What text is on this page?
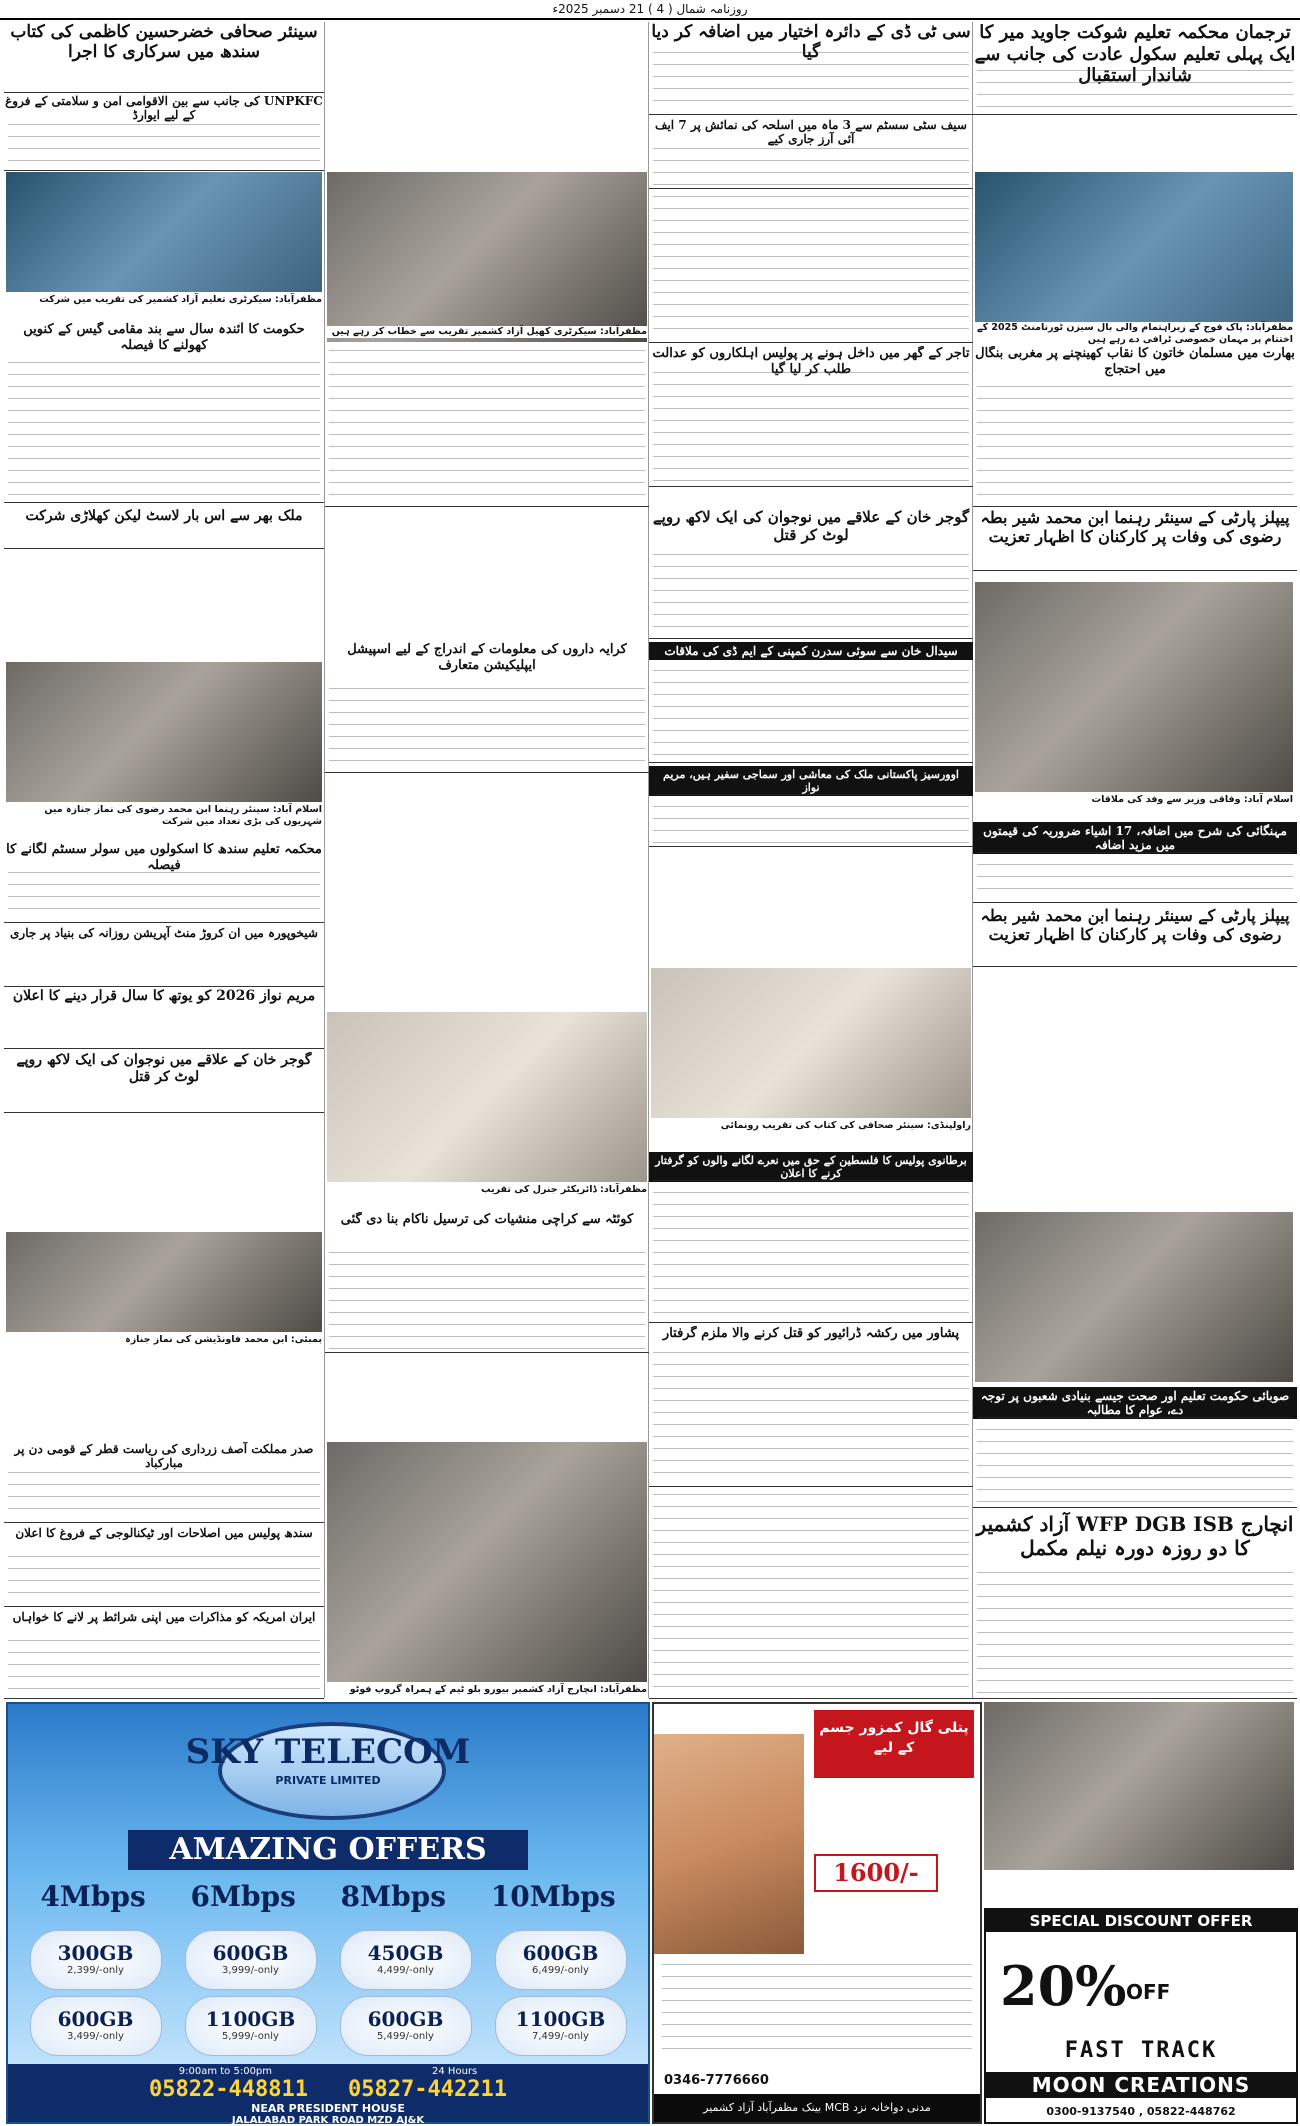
روزنامہ شمال ( 4 ) 21 دسمبر 2025ء
ترجمان محکمہ تعلیم شوکت جاوید میر کا ایک پہلی تعلیم سکول عادت کی جانب سے شاندار استقبال
مظفرآباد: پاک فوج کے زیراہتمام والی بال سیزن ٹورنامنٹ 2025 کے اختتام پر مہمان خصوصی ٹرافی دے رہے ہیں
بھارت میں مسلمان خاتون کا نقاب کھینچنے پر مغربی بنگال میں احتجاج
پیپلز پارٹی کے سینئر رہنما ابن محمد شیر بطہ رضوی کی وفات پر کارکنان کا اظہار تعزیت
اسلام آباد: وفاقی وزیر سے وفد کی ملاقات
مہنگائی کی شرح میں اضافہ، 17 اشیاء ضروریہ کی قیمتوں میں مزید اضافہ
پیپلز پارٹی کے سینئر رہنما ابن محمد شیر بطہ رضوی کی وفات پر کارکنان کا اظہار تعزیت
صوبائی حکومت تعلیم اور صحت جیسے بنیادی شعبوں پر توجہ دے، عوام کا مطالبہ
انچارج WFP DGB ISB آزاد کشمیر کا دو روزہ دورہ نیلم مکمل
سی ٹی ڈی کے دائرہ اختیار میں اضافہ کر دیا گیا
سیف سٹی سسٹم سے 3 ماہ میں اسلحہ کی نمائش پر 7 ایف آئی آرز جاری کیے
تاجر کے گھر میں داخل ہونے پر پولیس اہلکاروں کو عدالت طلب کر لیا گیا
گوجر خان کے علاقے میں نوجوان کی ایک لاکھ روپے لوٹ کر قتل
سیدال خان سے سوئی سدرن کمپنی کے ایم ڈی کی ملاقات
اوورسیز پاکستانی ملک کی معاشی اور سماجی سفیر ہیں، مریم نواز
راولپنڈی: سینئر صحافی کی کتاب کی تقریب رونمائی
برطانوی پولیس کا فلسطین کے حق میں نعرے لگانے والوں کو گرفتار کرنے کا اعلان
پشاور میں رکشہ ڈرائیور کو قتل کرنے والا ملزم گرفتار
مظفرآباد: سیکرٹری کھیل آزاد کشمیر تقریب سے خطاب کر رہے ہیں
کرایہ داروں کی معلومات کے اندراج کے لیے اسپیشل ایپلیکیشن متعارف
مظفرآباد: ڈائریکٹر جنرل کی تقریب
کوئٹہ سے کراچی منشیات کی ترسیل ناکام بنا دی گئی
مظفرآباد: انچارج آزاد کشمیر بیورو بلو ٹیم کے ہمراہ گروپ فوٹو
سینئر صحافی خضرحسین کاظمی کی کتاب سندھ میں سرکاری کا اجرا
UNPKFC کی جانب سے بین الاقوامی امن و سلامتی کے فروغ کے لیے ایوارڈ
مظفرآباد: سیکرٹری تعلیم آزاد کشمیر کی تقریب میں شرکت
حکومت کا آئندہ سال سے بند مقامی گیس کے کنویں کھولنے کا فیصلہ
ملک بھر سے اس بار لاسٹ لیکن کھلاڑی شرکت
اسلام آباد: سینئر رہنما ابن محمد رضوی کی نماز جنازہ میں شہریوں کی بڑی تعداد میں شرکت
محکمہ تعلیم سندھ کا اسکولوں میں سولر سسٹم لگانے کا فیصلہ
شیخوپورہ میں ان کروڑ منٹ آپریشن روزانہ کی بنیاد پر جاری
مریم نواز 2026 کو یوتھ کا سال قرار دینے کا اعلان
گوجر خان کے علاقے میں نوجوان کی ایک لاکھ روپے لوٹ کر قتل
بمبئی: ابن محمد فاونڈیشن کی نماز جنازہ
صدر مملکت آصف زرداری کی ریاست قطر کے قومی دن پر مبارکباد
سندھ پولیس میں اصلاحات اور ٹیکنالوجی کے فروغ کا اعلان
ایران امریکہ کو مذاکرات میں اپنی شرائط پر لانے کا خواہاں
SKY TELECOM
PRIVATE LIMITED
AMAZING OFFERS
4Mbps 6Mbps 8Mbps 10Mbps
300GB
2,399/-only
600GB
3,999/-only
450GB
4,499/-only
600GB
6,499/-only
600GB
3,499/-only
1100GB
5,999/-only
600GB
5,499/-only
1100GB
7,499/-only
9:00am to 5:00pm	24 Hours
05822-448811 05827-442211
NEAR PRESIDENT HOUSE
JALALABAD PARK ROAD MZD AJ&K
پتلی گال کمزور جسم کے لیے
1600/-
0346-7776660
مدنی دواخانہ نزد MCB بینک مظفرآباد آزاد کشمیر
SPECIAL DISCOUNT OFFER
20% OFF
FAST TRACK
MOON CREATIONS
0300-9137540 , 05822-448762
